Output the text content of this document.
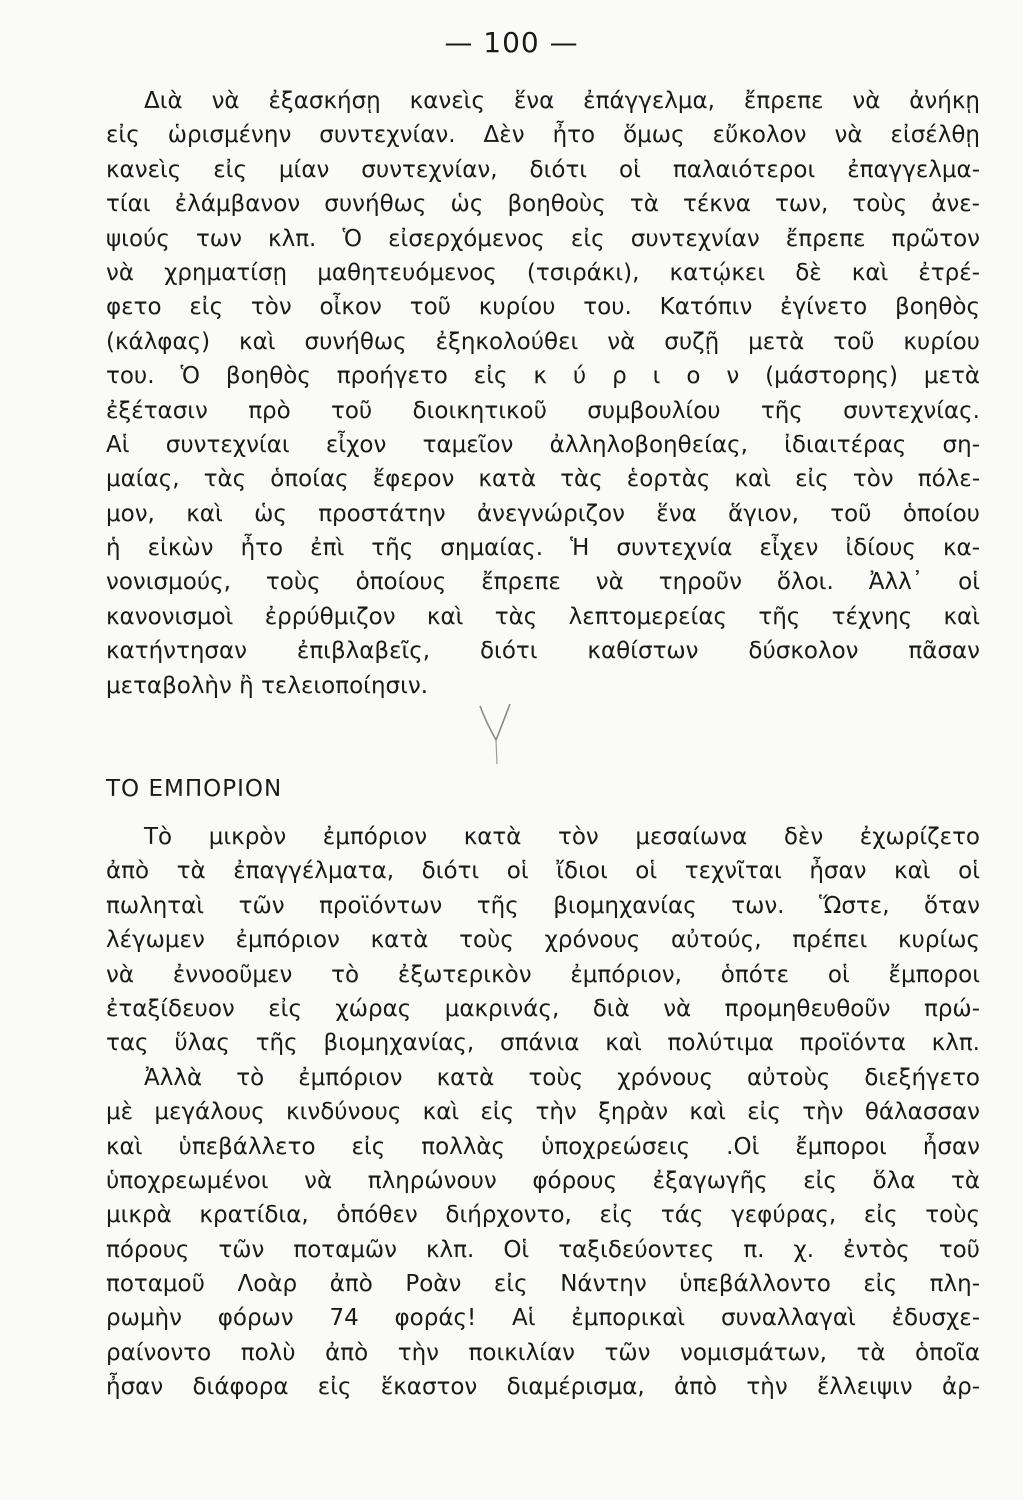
— 100 —
Διὰ νὰ ἐξασκήσῃ κανεὶς ἕνα ἐπάγγελμα, ἔπρεπε νὰ ἀνήκῃ
εἰς ὡρισμένην συντεχνίαν. Δὲν ἦτο ὅμως εὔκολον νὰ εἰσέλθῃ
κανεὶς εἰς μίαν συντεχνίαν, διότι οἱ παλαιότεροι ἐπαγγελμα-
τίαι ἐλάμβανον συνήθως ὡς βοηθοὺς τὰ τέκνα των, τοὺς ἀνε-
ψιούς των κλπ. Ὁ εἰσερχόμενος εἰς συντεχνίαν ἔπρεπε πρῶτον
νὰ χρηματίσῃ μαθητευόμενος (τσιράκι), κατῴκει δὲ καὶ ἐτρέ-
φετο εἰς τὸν οἶκον τοῦ κυρίου του. Κατόπιν ἐγίνετο βοηθὸς
(κάλφας) καὶ συνήθως ἐξηκολούθει νὰ συζῇ μετὰ τοῦ κυρίου
του. Ὁ βοηθὸς προήγετο εἰς κ ύ ρ ι ο ν (μάστορης) μετὰ
ἐξέτασιν πρὸ τοῦ διοικητικοῦ συμβουλίου τῆς συντεχνίας.
Αἱ συντεχνίαι εἶχον ταμεῖον ἀλληλοβοηθείας, ἰδιαιτέρας ση-
μαίας, τὰς ὁποίας ἔφερον κατὰ τὰς ἑορτὰς καὶ εἰς τὸν πόλε-
μον, καὶ ὡς προστάτην ἀνεγνώριζον ἕνα ἅγιον, τοῦ ὁποίου
ἡ εἰκὼν ἦτο ἐπὶ τῆς σημαίας. Ἡ συντεχνία εἶχεν ἰδίους κα-
νονισμούς, τοὺς ὁποίους ἔπρεπε νὰ τηροῦν ὅλοι. Ἀλλ᾿ οἱ
κανονισμοὶ ἐρρύθμιζον καὶ τὰς λεπτομερείας τῆς τέχνης καὶ
κατήντησαν ἐπιβλαβεῖς, διότι καθίστων δύσκολον πᾶσαν
μεταβολὴν ἢ τελειοποίησιν.
ΤΟ ΕΜΠΟΡΙΟΝ
Τὸ μικρὸν ἐμπόριον κατὰ τὸν μεσαίωνα δὲν ἐχωρίζετο
ἀπὸ τὰ ἐπαγγέλματα, διότι οἱ ἴδιοι οἱ τεχνῖται ἦσαν καὶ οἱ
πωληταὶ τῶν προϊόντων τῆς βιομηχανίας των. Ὥστε, ὅταν
λέγωμεν ἐμπόριον κατὰ τοὺς χρόνους αὐτούς, πρέπει κυρίως
νὰ ἐννοοῦμεν τὸ ἐξωτερικὸν ἐμπόριον, ὁπότε οἱ ἔμποροι
ἐταξίδευον εἰς χώρας μακρινάς, διὰ νὰ προμηθευθοῦν πρώ-
τας ὕλας τῆς βιομηχανίας, σπάνια καὶ πολύτιμα προϊόντα κλπ.
Ἀλλὰ τὸ ἐμπόριον κατὰ τοὺς χρόνους αὐτοὺς διεξήγετο
μὲ μεγάλους κινδύνους καὶ εἰς τὴν ξηρὰν καὶ εἰς τὴν θάλασσαν
καὶ ὑπεβάλλετο εἰς πολλὰς ὑποχρεώσεις .Οἱ ἔμποροι ἦσαν
ὑποχρεωμένοι νὰ πληρώνουν φόρους ἐξαγωγῆς εἰς ὅλα τὰ
μικρὰ κρατίδια, ὁπόθεν διήρχοντο, εἰς τάς γεφύρας, εἰς τοὺς
πόρους τῶν ποταμῶν κλπ. Οἱ ταξιδεύοντες π. χ. ἐντὸς τοῦ
ποταμοῦ Λοὰρ ἀπὸ Ροὰν εἰς Νάντην ὑπεβάλλοντο εἰς πλη-
ρωμὴν φόρων 74 φοράς! Αἱ ἐμπορικαὶ συναλλαγαὶ ἐδυσχε-
ραίνοντο πολὺ ἀπὸ τὴν ποικιλίαν τῶν νομισμάτων, τὰ ὁποῖα
ἦσαν διάφορα εἰς ἕκαστον διαμέρισμα, ἀπὸ τὴν ἔλλειψιν ἀρ-
